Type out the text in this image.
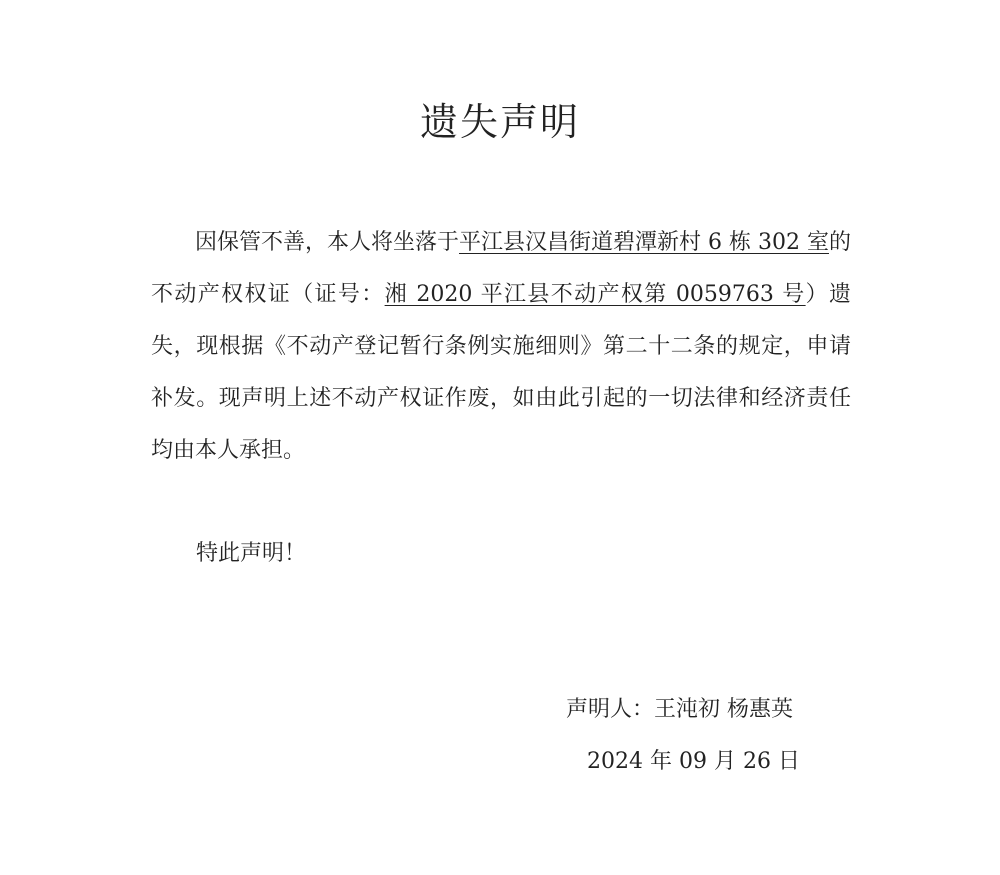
遗失声明

因保管不善，本人将坐落于平江县汉昌街道碧潭新村 6 栋 302 室的不动产权权证（证号：湘 2020 平江县不动产权第 0059763 号）遗失，现根据《不动产登记暂行条例实施细则》第二十二条的规定，申请补发。现声明上述不动产权证作废，如由此引起的一切法律和经济责任均由本人承担。

特此声明！

声明人：王沌初 杨惠英

2024 年 09 月 26 日
